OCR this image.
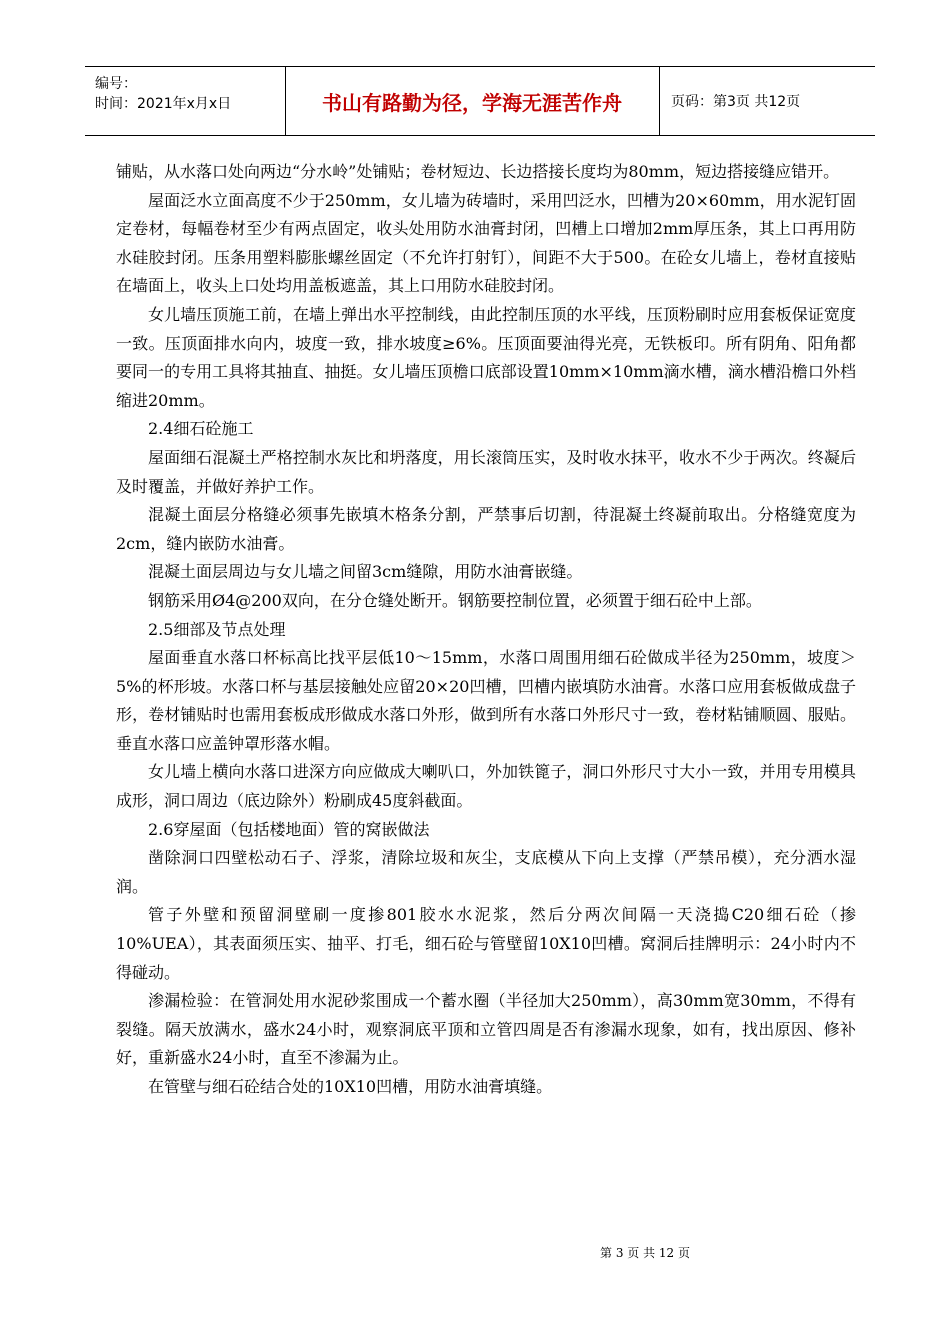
编号：
时间：2021年x月x日	书山有路勤为径，学海无涯苦作舟	页码：第3页 共12页

铺贴，从水落口处向两边“分水岭”处铺贴；卷材短边、长边搭接长度均为80mm，短边搭接缝应错开。

屋面泛水立面高度不少于250mm，女儿墙为砖墙时，采用凹泛水，凹槽为20×60mm，用水泥钉固定卷材，每幅卷材至少有两点固定，收头处用防水油膏封闭，凹槽上口增加2mm厚压条，其上口再用防水硅胶封闭。压条用塑料膨胀螺丝固定（不允许打射钉），间距不大于500。在砼女儿墙上，卷材直接贴在墙面上，收头上口处均用盖板遮盖，其上口用防水硅胶封闭。

女儿墙压顶施工前，在墙上弹出水平控制线，由此控制压顶的水平线，压顶粉刷时应用套板保证宽度一致。压顶面排水向内，坡度一致，排水坡度≥6%。压顶面要油得光亮，无铁板印。所有阴角、阳角都要同一的专用工具将其抽直、抽挺。女儿墙压顶檐口底部设置10mm×10mm滴水槽，滴水槽沿檐口外档缩进20mm。

2.4细石砼施工

屋面细石混凝土严格控制水灰比和坍落度，用长滚筒压实，及时收水抹平，收水不少于两次。终凝后及时覆盖，并做好养护工作。

混凝土面层分格缝必须事先嵌填木格条分割，严禁事后切割，待混凝土终凝前取出。分格缝宽度为2cm，缝内嵌防水油膏。

混凝土面层周边与女儿墙之间留3cm缝隙，用防水油膏嵌缝。

钢筋采用Ø4@200双向，在分仓缝处断开。钢筋要控制位置，必须置于细石砼中上部。

2.5细部及节点处理

屋面垂直水落口杯标高比找平层低10～15mm，水落口周围用细石砼做成半径为250mm，坡度＞5%的杯形坡。水落口杯与基层接触处应留20×20凹槽，凹槽内嵌填防水油膏。水落口应用套板做成盘子形，卷材铺贴时也需用套板成形做成水落口外形，做到所有水落口外形尺寸一致，卷材粘铺顺圆、服贴。垂直水落口应盖钟罩形落水帽。

女儿墙上横向水落口进深方向应做成大喇叭口，外加铁篦子，洞口外形尺寸大小一致，并用专用模具成形，洞口周边（底边除外）粉刷成45度斜截面。

2.6穿屋面（包括楼地面）管的窝嵌做法

凿除洞口四壁松动石子、浮浆，清除垃圾和灰尘，支底模从下向上支撑（严禁吊模），充分洒水湿润。

管子外壁和预留洞壁刷一度掺801胶水水泥浆，然后分两次间隔一天浇捣C20细石砼（掺10%UEA），其表面须压实、抽平、打毛，细石砼与管壁留10X10凹槽。窝洞后挂牌明示：24小时内不得碰动。

渗漏检验：在管洞处用水泥砂浆围成一个蓄水圈（半径加大250mm），高30mm宽30mm，不得有裂缝。隔天放满水，盛水24小时，观察洞底平顶和立管四周是否有渗漏水现象，如有，找出原因、修补好，重新盛水24小时，直至不渗漏为止。

在管壁与细石砼结合处的10X10凹槽，用防水油膏填缝。

第 3 页 共 12 页
